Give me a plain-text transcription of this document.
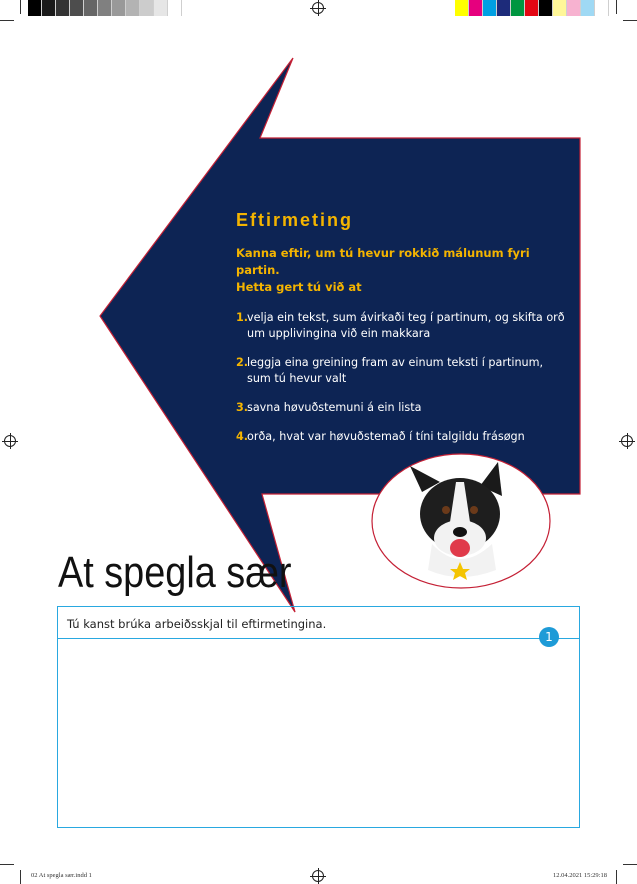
Eftirmeting

Kanna eftir, um tú hevur rokkið málunum fyri partin.
Hetta gert tú við at

1.
velja ein tekst, sum ávirkaði teg í partinum, og skifta orð um upplivingina við ein makkara
2.
leggja eina greining fram av einum teksti í partinum, sum tú hevur valt
3.
savna høvuðstemuni á ein lista
4.
orða, hvat var høvuðstemað í tíni talgildu frásøgn
At spegla sær
Tú kanst brúka arbeiðsskjal til eftirmetingina.
1
02 At spegla sær.indd 1	12.04.2021 15:29:18
